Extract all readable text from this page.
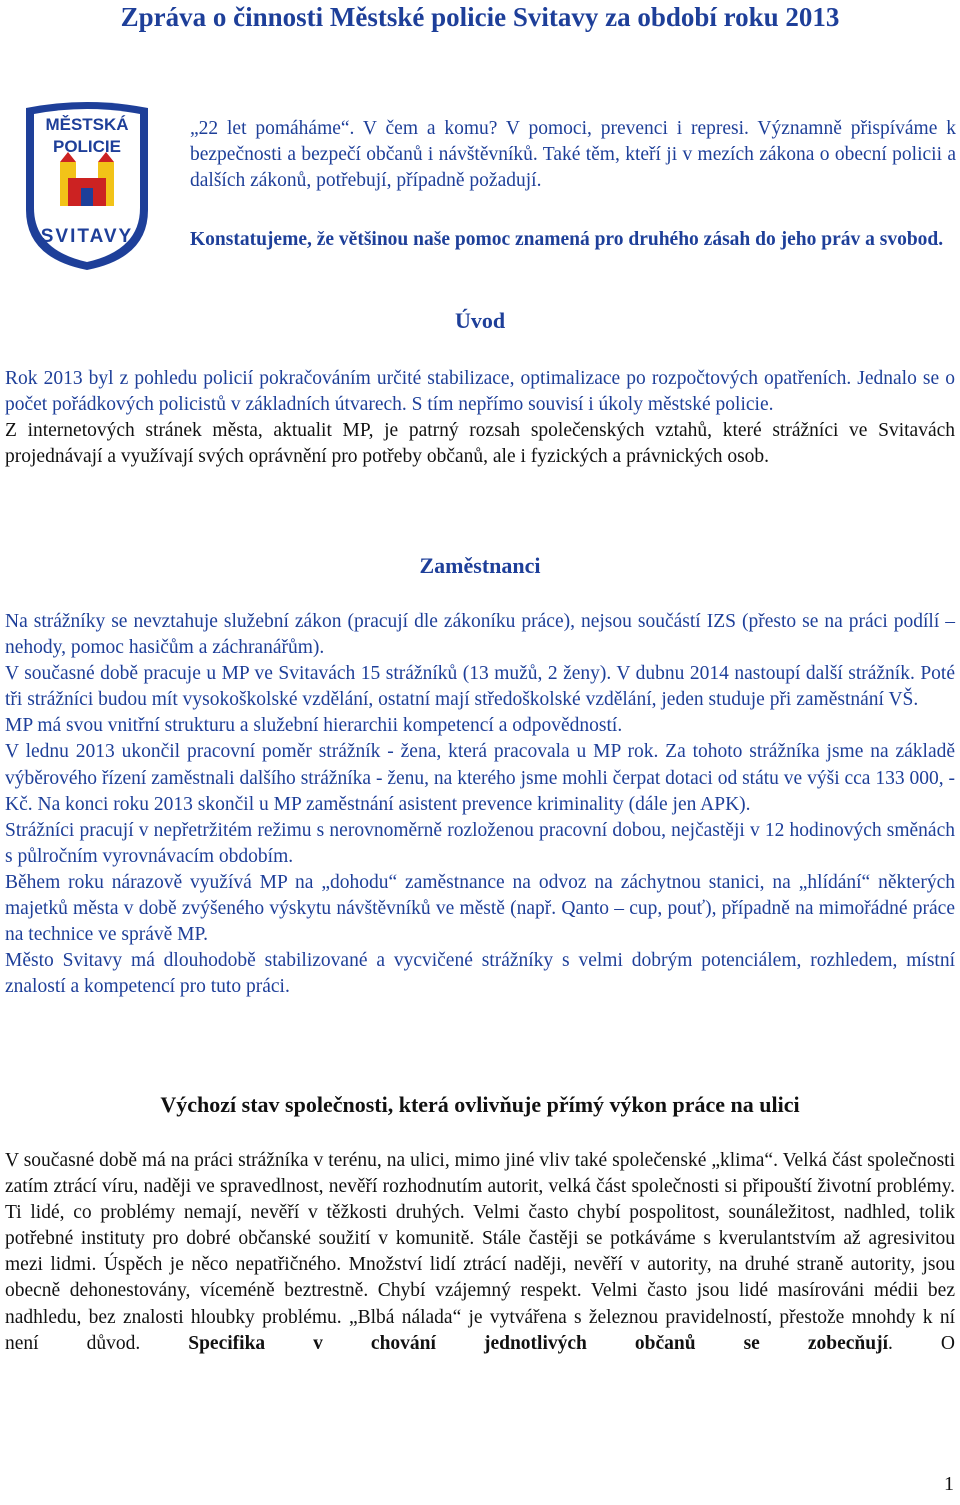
Zpráva o činnosti Městské policie Svitavy za období roku 2013
MĚSTSKÁ
POLICIE
SVITAVY

„22 let pomáháme“. V čem a komu? V pomoci, prevenci i represi. Významně přispíváme k bezpečnosti a bezpečí občanů i návštěvníků. Také těm, kteří ji v mezích zákona o obecní policii a dalších zákonů, potřebují, případně požadují.

Konstatujeme, že většinou naše pomoc znamená pro druhého zásah do jeho práv a svobod.

Úvod

Rok 2013 byl z pohledu policií pokračováním určité stabilizace, optimalizace po rozpočtových opatřeních. Jednalo se o počet pořádkových policistů v základních útvarech. S tím nepřímo souvisí i úkoly městské policie.

Z internetových stránek města, aktualit MP, je patrný rozsah společenských vztahů, které strážníci ve Svitavách projednávají a využívají svých oprávnění pro potřeby občanů, ale i fyzických a právnických osob.

Zaměstnanci

Na strážníky se nevztahuje služební zákon (pracují dle zákoníku práce), nejsou součástí IZS (přesto se na práci podílí – nehody, pomoc hasičům a záchranářům).

V současné době pracuje u MP ve Svitavách 15 strážníků (13 mužů, 2 ženy). V dubnu 2014 nastoupí další strážník. Poté tři strážníci budou mít vysokoškolské vzdělání, ostatní mají středoškolské vzdělání, jeden studuje při zaměstnání VŠ.

MP má svou vnitřní strukturu a služební hierarchii kompetencí a odpovědností.

V lednu 2013 ukončil pracovní poměr strážník - žena, která pracovala u MP rok. Za tohoto strážníka jsme na základě výběrového řízení zaměstnali dalšího strážníka - ženu, na kterého jsme mohli čerpat dotaci od státu ve výši cca 133 000, - Kč. Na konci roku 2013 skončil u MP zaměstnání asistent prevence kriminality (dále jen APK).

Strážníci pracují v nepřetržitém režimu s nerovnoměrně rozloženou pracovní dobou, nejčastěji v 12 hodinových směnách s půlročním vyrovnávacím obdobím.

Během roku nárazově využívá MP na „dohodu“ zaměstnance na odvoz na záchytnou stanici, na „hlídání“ některých majetků města v době zvýšeného výskytu návštěvníků ve městě (např. Qanto – cup, pouť), případně na mimořádné práce na technice ve správě MP.

Město Svitavy má dlouhodobě stabilizované a vycvičené strážníky s velmi dobrým potenciálem, rozhledem, místní znalostí a kompetencí pro tuto práci.

Výchozí stav společnosti, která ovlivňuje přímý výkon práce na ulici

V současné době má na práci strážníka v terénu, na ulici, mimo jiné vliv také společenské „klima“. Velká část společnosti zatím ztrácí víru, naději ve spravedlnost, nevěří rozhodnutím autorit, velká část společnosti si připouští životní problémy. Ti lidé, co problémy nemají, nevěří v těžkosti druhých. Velmi často chybí pospolitost, sounáležitost, nadhled, tolik potřebné instituty pro dobré občanské soužití v komunitě. Stále častěji se potkáváme s kverulantstvím až agresivitou mezi lidmi. Úspěch je něco nepatřičného. Množství lidí ztrácí naději, nevěří v autority, na druhé straně autority, jsou obecně dehonestovány, víceméně beztrestně. Chybí vzájemný respekt. Velmi často jsou lidé masírováni médii bez nadhledu, bez znalosti hloubky problému. „Blbá nálada“ je vytvářena s železnou pravidelností, přestože mnohdy k ní není důvod. Specifika v chování jednotlivých občanů se zobecňují. O

1
